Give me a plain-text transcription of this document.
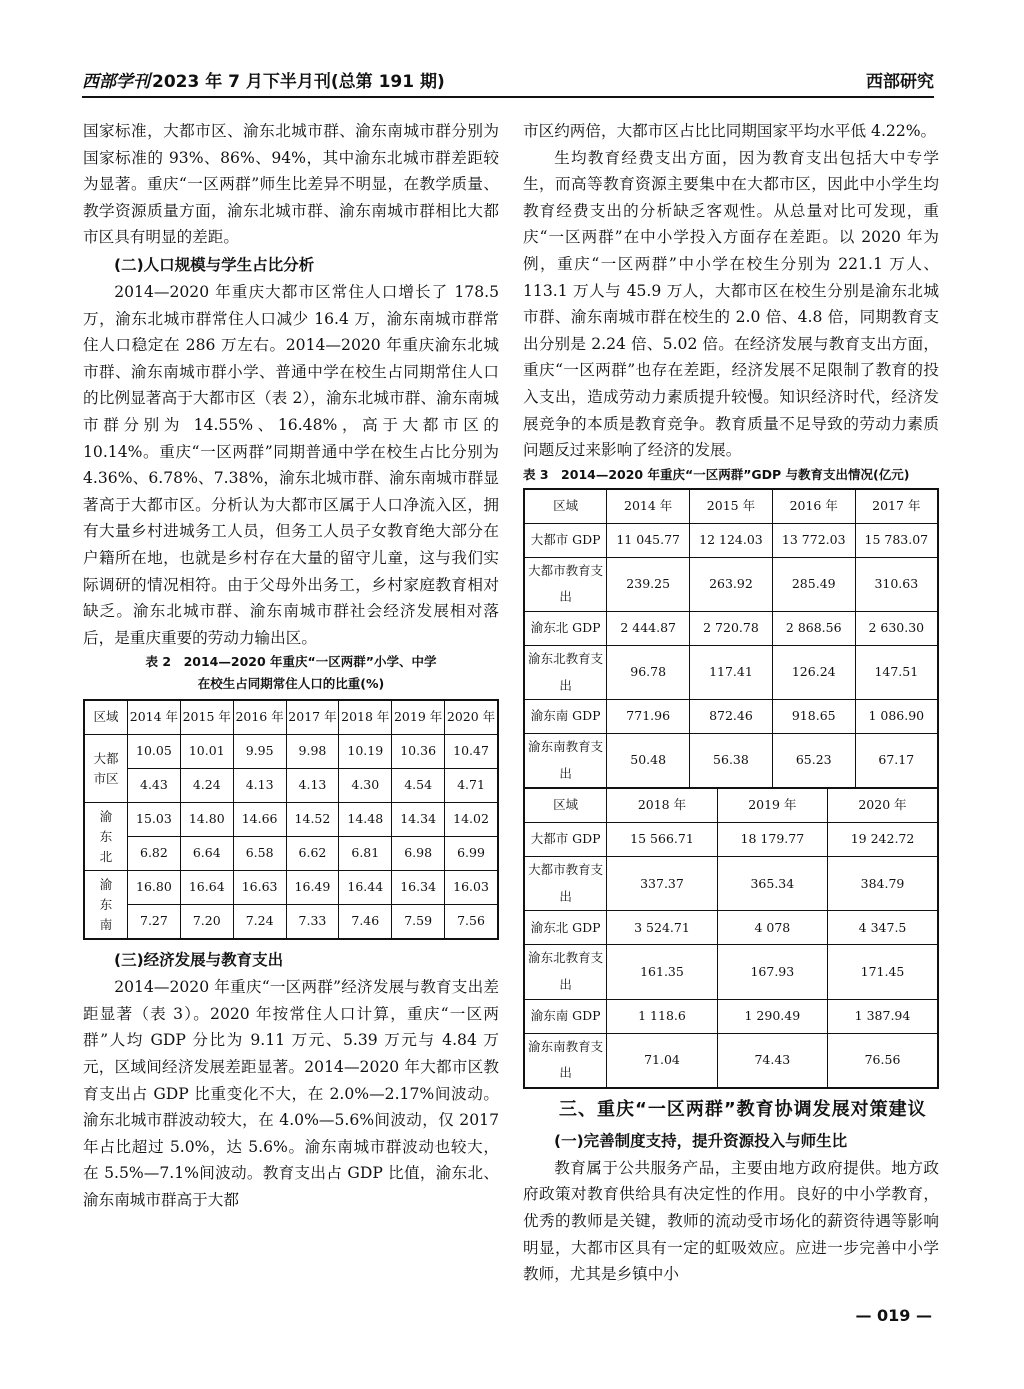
西部学刊 2023 年 7 月下半月刊(总第 191 期)	西部研究

国家标准，大都市区、渝东北城市群、渝东南城市群分别为国家标准的 93%、86%、94%，其中渝东北城市群差距较为显著。重庆“一区两群”师生比差异不明显，在教学质量、教学资源质量方面，渝东北城市群、渝东南城市群相比大都市区具有明显的差距。

(二)人口规模与学生占比分析

2014—2020 年重庆大都市区常住人口增长了 178.5 万，渝东北城市群常住人口减少 16.4 万，渝东南城市群常住人口稳定在 286 万左右。2014—2020 年重庆渝东北城市群、渝东南城市群小学、普通中学在校生占同期常住人口的比例显著高于大都市区（表 2），渝东北城市群、渝东南城市群分别为 14.55%、16.48%，高于大都市区的 10.14%。重庆“一区两群”同期普通中学在校生占比分别为 4.36%、6.78%、7.38%，渝东北城市群、渝东南城市群显著高于大都市区。分析认为大都市区属于人口净流入区，拥有大量乡村进城务工人员，但务工人员子女教育绝大部分在户籍所在地，也就是乡村存在大量的留守儿童，这与我们实际调研的情况相符。由于父母外出务工，乡村家庭教育相对缺乏。渝东北城市群、渝东南城市群社会经济发展相对落后，是重庆重要的劳动力输出区。

表 2　2014—2020 年重庆“一区两群”小学、中学
在校生占同期常住人口的比重(%)
区域	2014 年	2015 年	2016 年	2017 年	2018 年	2019 年	2020 年
大都
市区	10.05	10.01	9.95	9.98	10.19	10.36	10.47
	4.43	4.24	4.13	4.13	4.30	4.54	4.71
渝
东
北	15.03	14.80	14.66	14.52	14.48	14.34	14.02
	6.82	6.64	6.58	6.62	6.81	6.98	6.99
渝
东
南	16.80	16.64	16.63	16.49	16.44	16.34	16.03
	7.27	7.20	7.24	7.33	7.46	7.59	7.56
(三)经济发展与教育支出

2014—2020 年重庆“一区两群”经济发展与教育支出差距显著（表 3）。2020 年按常住人口计算，重庆“一区两群”人均 GDP 分比为 9.11 万元、5.39 万元与 4.84 万元，区域间经济发展差距显著。2014—2020 年大都市区教育支出占 GDP 比重变化不大，在 2.0%—2.17%间波动。渝东北城市群波动较大，在 4.0%—5.6%间波动，仅 2017 年占比超过 5.0%，达 5.6%。渝东南城市群波动也较大，在 5.5%—7.1%间波动。教育支出占 GDP 比值，渝东北、渝东南城市群高于大都

市区约两倍，大都市区占比比同期国家平均水平低 4.22%。

生均教育经费支出方面，因为教育支出包括大中专学生，而高等教育资源主要集中在大都市区，因此中小学生均教育经费支出的分析缺乏客观性。从总量对比可发现，重庆“一区两群”在中小学投入方面存在差距。以 2020 年为例，重庆“一区两群”中小学在校生分别为 221.1 万人、113.1 万人与 45.9 万人，大都市区在校生分别是渝东北城市群、渝东南城市群在校生的 2.0 倍、4.8 倍，同期教育支出分别是 2.24 倍、5.02 倍。在经济发展与教育支出方面，重庆“一区两群”也存在差距，经济发展不足限制了教育的投入支出，造成劳动力素质提升较慢。知识经济时代，经济发展竞争的本质是教育竞争。教育质量不足导致的劳动力素质问题反过来影响了经济的发展。

表 3　2014—2020 年重庆“一区两群”GDP 与教育支出情况(亿元)
区域	2014 年	2015 年		2016 年		2017 年
大都市 GDP	11 045.77	12 124.03		13 772.03		15 783.07
大都市教育支出	239.25	263.92		285.49		310.63
渝东北 GDP	2 444.87	2 720.78		2 868.56		2 630.30
渝东北教育支出	96.78	117.41		126.24		147.51
渝东南 GDP	771.96	872.46		918.65		1 086.90
渝东南教育支出	50.48	56.38		65.23		67.17
区域	2018 年		2019 年		2020 年	
大都市 GDP	15 566.71		18 179.77		19 242.72	
大都市教育支出	337.37		365.34		384.79	
渝东北 GDP	3 524.71		4 078		4 347.5	
渝东北教育支出	161.35		167.93		171.45	
渝东南 GDP	1 118.6		1 290.49		1 387.94	
渝东南教育支出	71.04		74.43		76.56	
三、重庆“一区两群”教育协调发展对策建议
(一)完善制度支持，提升资源投入与师生比

教育属于公共服务产品，主要由地方政府提供。地方政府政策对教育供给具有决定性的作用。良好的中小学教育，优秀的教师是关键，教师的流动受市场化的薪资待遇等影响明显，大都市区具有一定的虹吸效应。应进一步完善中小学教师，尤其是乡镇中小

— 019 —
